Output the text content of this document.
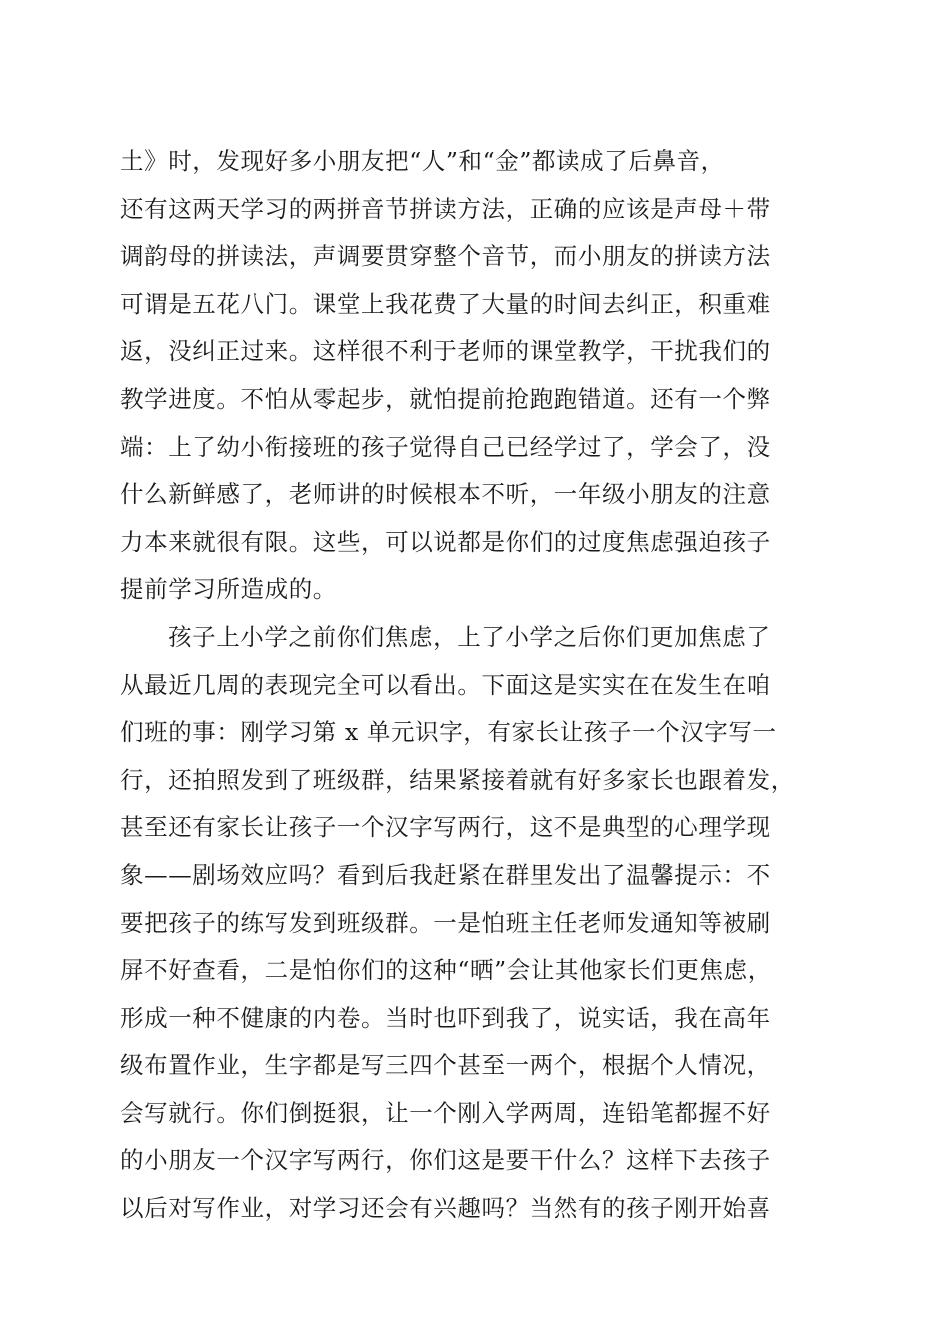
土》时，发现好多小朋友把“人”和“金”都读成了后鼻音，
还有这两天学习的两拼音节拼读方法，正确的应该是声母＋带
调韵母的拼读法，声调要贯穿整个音节，而小朋友的拼读方法
可谓是五花八门。课堂上我花费了大量的时间去纠正，积重难
返，没纠正过来。这样很不利于老师的课堂教学，干扰我们的
教学进度。不怕从零起步，就怕提前抢跑跑错道。还有一个弊
端：上了幼小衔接班的孩子觉得自己已经学过了，学会了，没
什么新鲜感了，老师讲的时候根本不听，一年级小朋友的注意
力本来就很有限。这些，可以说都是你们的过度焦虑强迫孩子
提前学习所造成的。
孩子上小学之前你们焦虑，上了小学之后你们更加焦虑了
从最近几周的表现完全可以看出。下面这是实实在在发生在咱
们班的事：刚学习第 x 单元识字，有家长让孩子一个汉字写一
行，还拍照发到了班级群，结果紧接着就有好多家长也跟着发，
甚至还有家长让孩子一个汉字写两行，这不是典型的心理学现
象——剧场效应吗？看到后我赶紧在群里发出了温馨提示：不
要把孩子的练写发到班级群。一是怕班主任老师发通知等被刷
屏不好查看，二是怕你们的这种“晒”会让其他家长们更焦虑，
形成一种不健康的内卷。当时也吓到我了，说实话，我在高年
级布置作业，生字都是写三四个甚至一两个，根据个人情况，
会写就行。你们倒挺狠，让一个刚入学两周，连铅笔都握不好
的小朋友一个汉字写两行，你们这是要干什么？这样下去孩子
以后对写作业，对学习还会有兴趣吗？当然有的孩子刚开始喜
